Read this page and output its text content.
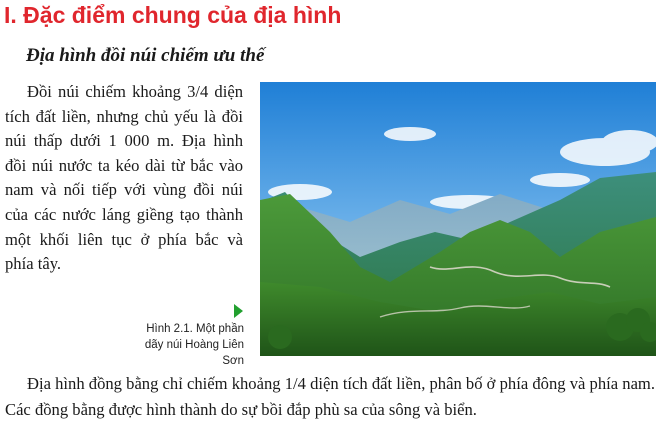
I. Đặc điểm chung của địa hình
Địa hình đồi núi chiếm ưu thế

Đồi núi chiếm khoảng 3/4 diện tích đất liền, nhưng chủ yếu là đồi núi thấp dưới 1 000 m. Địa hình đồi núi nước ta kéo dài từ bắc vào nam và nối tiếp với vùng đồi núi của các nước láng giềng tạo thành một khối liên tục ở phía bắc và phía tây.

Hình 2.1. Một phần dãy núi Hoàng Liên Sơn

Địa hình đồng bằng chỉ chiếm khoảng 1/4 diện tích đất liền, phân bố ở phía đông và phía nam. Các đồng bằng được hình thành do sự bồi đắp phù sa của sông và biển.
